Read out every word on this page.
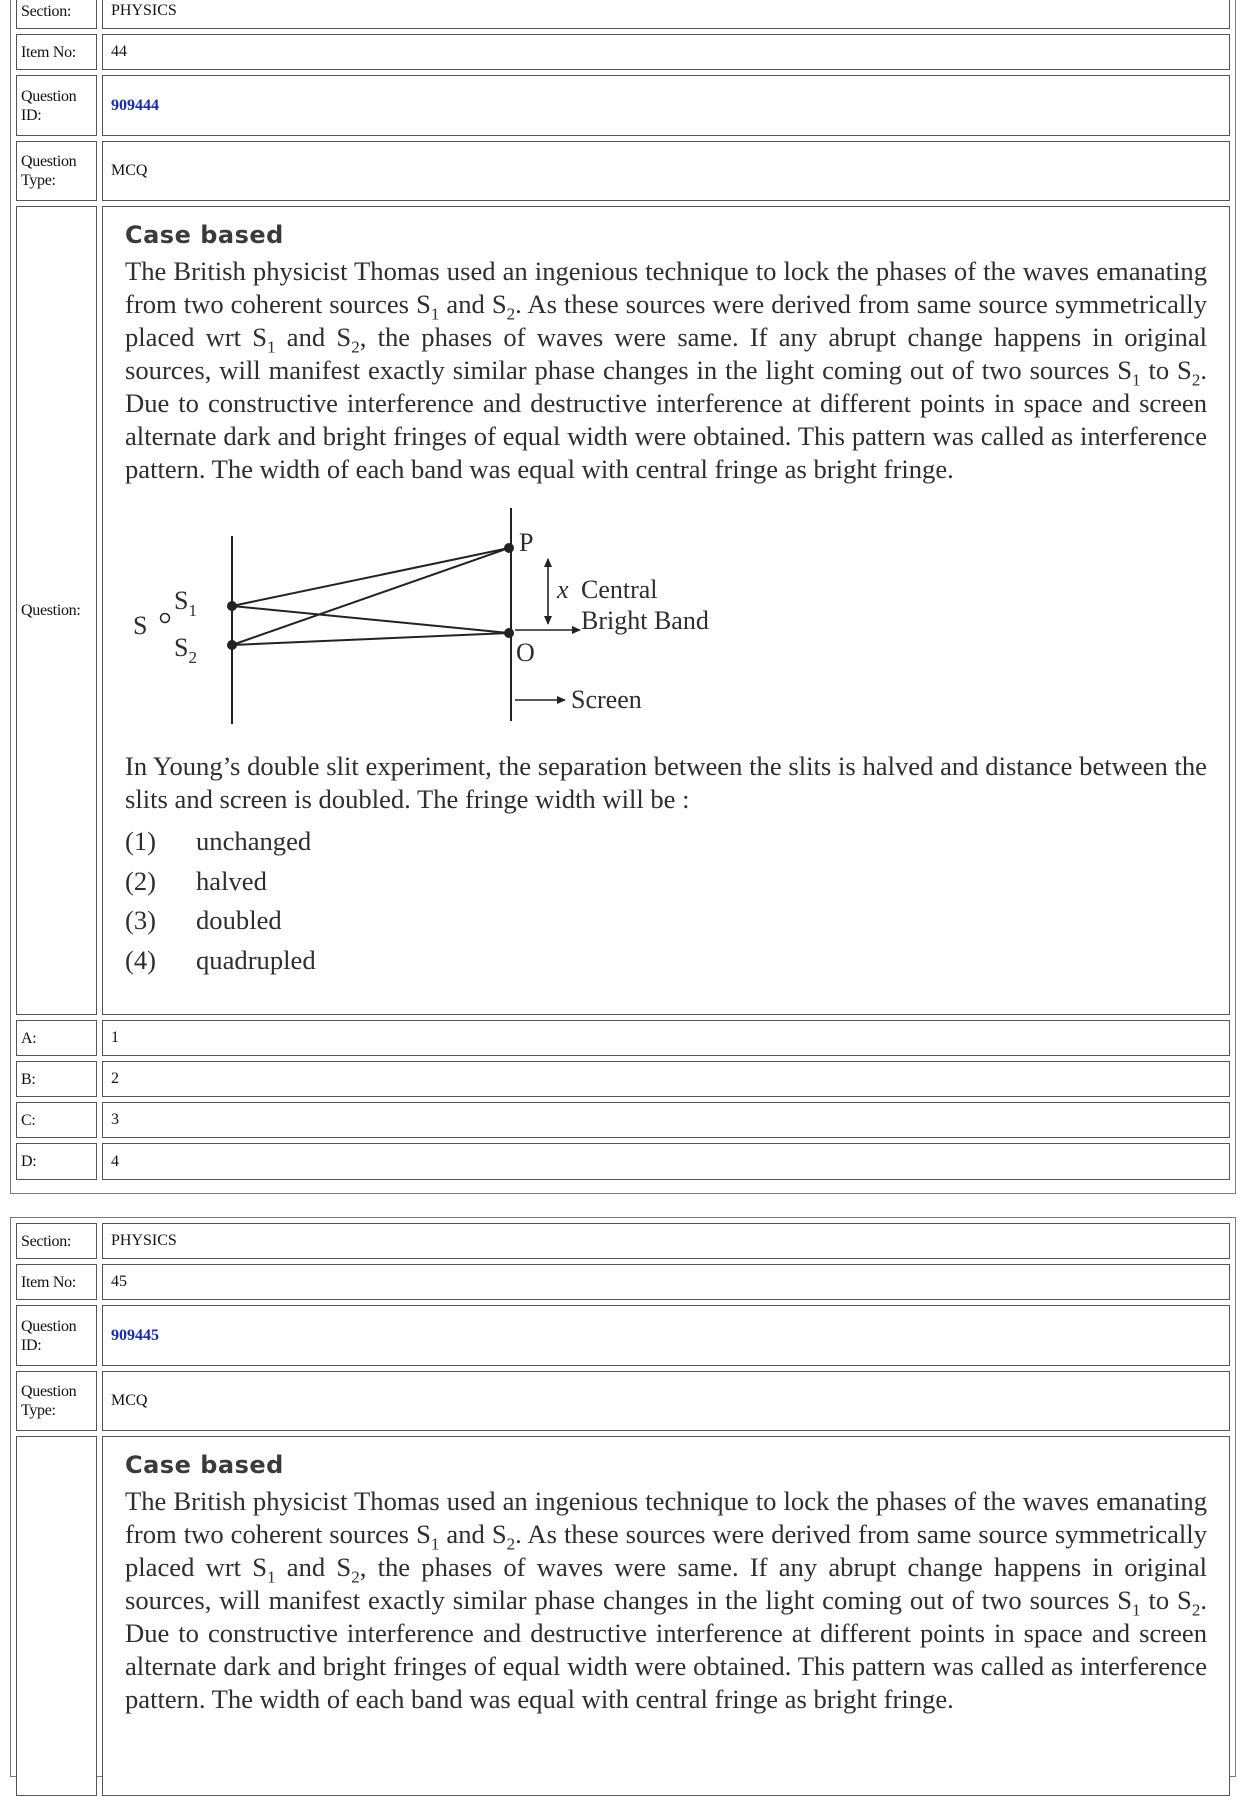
Section:	PHYSICS
Item No:	44
Question ID:
909444
Question Type:
MCQ
Question:
Case based

The British physicist Thomas used an ingenious technique to lock the phases of the waves emanating from two coherent sources $S_1$ and $S_2$. As these sources were derived from same source symmetrically placed wrt $S_1$ and $S_2$, the phases of waves were same. If any abrupt change happens in original sources, will manifest exactly similar phase changes in the light coming out of two sources $S_1$ to $S_2$. Due to constructive interference and destructive interference at different points in space and screen alternate dark and bright fringes of equal width were obtained. This pattern was called as interference pattern. The width of each band was equal with central fringe as bright fringe.

S
$S_1$
$S_2$
P
O
x Central
Bright Band
Screen

In Young’s double slit experiment, the separation between the slits is halved and distance between the slits and screen is doubled. The fringe width will be :

(1)	unchanged
(2)	halved
(3)	doubled
(4)	quadrupled
A:	1
B:	2
C:	3
D:	4
Section:	PHYSICS
Item No:	45
Question ID:
909445
Question Type:
MCQ
Case based

The British physicist Thomas used an ingenious technique to lock the phases of the waves emanating from two coherent sources $S_1$ and $S_2$. As these sources were derived from same source symmetrically placed wrt $S_1$ and $S_2$, the phases of waves were same. If any abrupt change happens in original sources, will manifest exactly similar phase changes in the light coming out of two sources $S_1$ to $S_2$. Due to constructive interference and destructive interference at different points in space and screen alternate dark and bright fringes of equal width were obtained. This pattern was called as interference pattern. The width of each band was equal with central fringe as bright fringe.
